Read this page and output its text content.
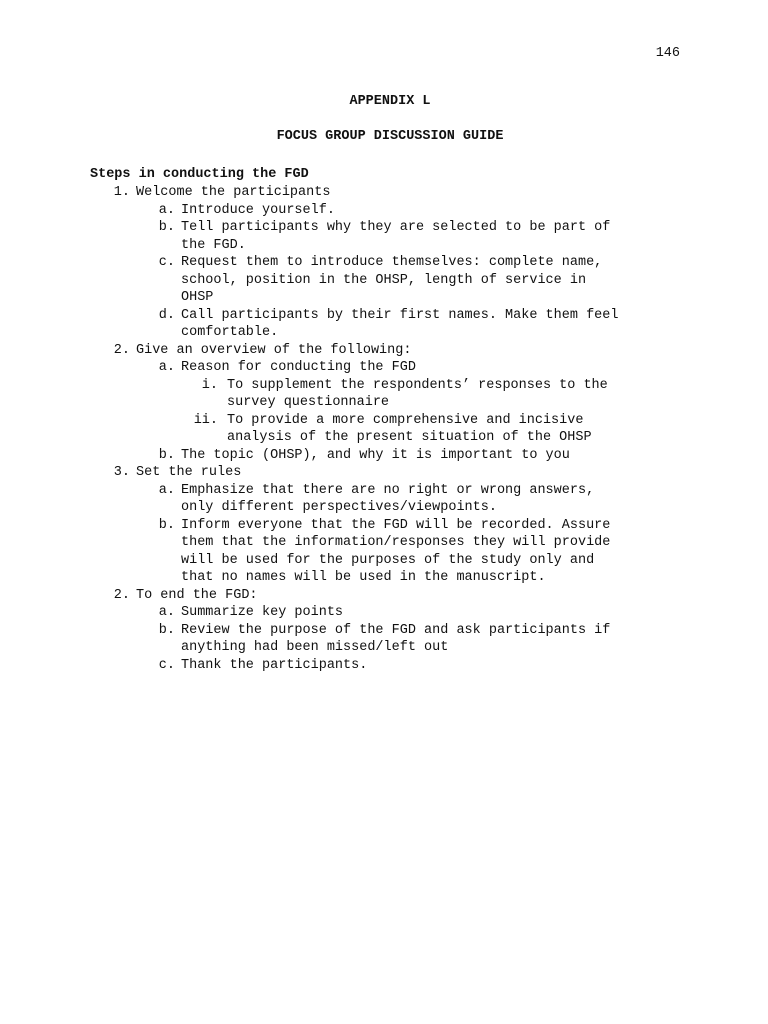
146
APPENDIX L
FOCUS GROUP DISCUSSION GUIDE
Steps in conducting the FGD
1. Welcome the participants
a. Introduce yourself.
b. Tell participants why they are selected to be part of
the FGD.
c. Request them to introduce themselves: complete name,
school, position in the OHSP, length of service in
OHSP
d. Call participants by their first names. Make them feel
comfortable.
2. Give an overview of the following:
a. Reason for conducting the FGD
i. To supplement the respondents’ responses to the
survey questionnaire
ii. To provide a more comprehensive and incisive
analysis of the present situation of the OHSP
b. The topic (OHSP), and why it is important to you
3. Set the rules
a. Emphasize that there are no right or wrong answers,
only different perspectives/viewpoints.
b. Inform everyone that the FGD will be recorded. Assure
them that the information/responses they will provide
will be used for the purposes of the study only and
that no names will be used in the manuscript.
2. To end the FGD:
a. Summarize key points
b. Review the purpose of the FGD and ask participants if
anything had been missed/left out
c. Thank the participants.
